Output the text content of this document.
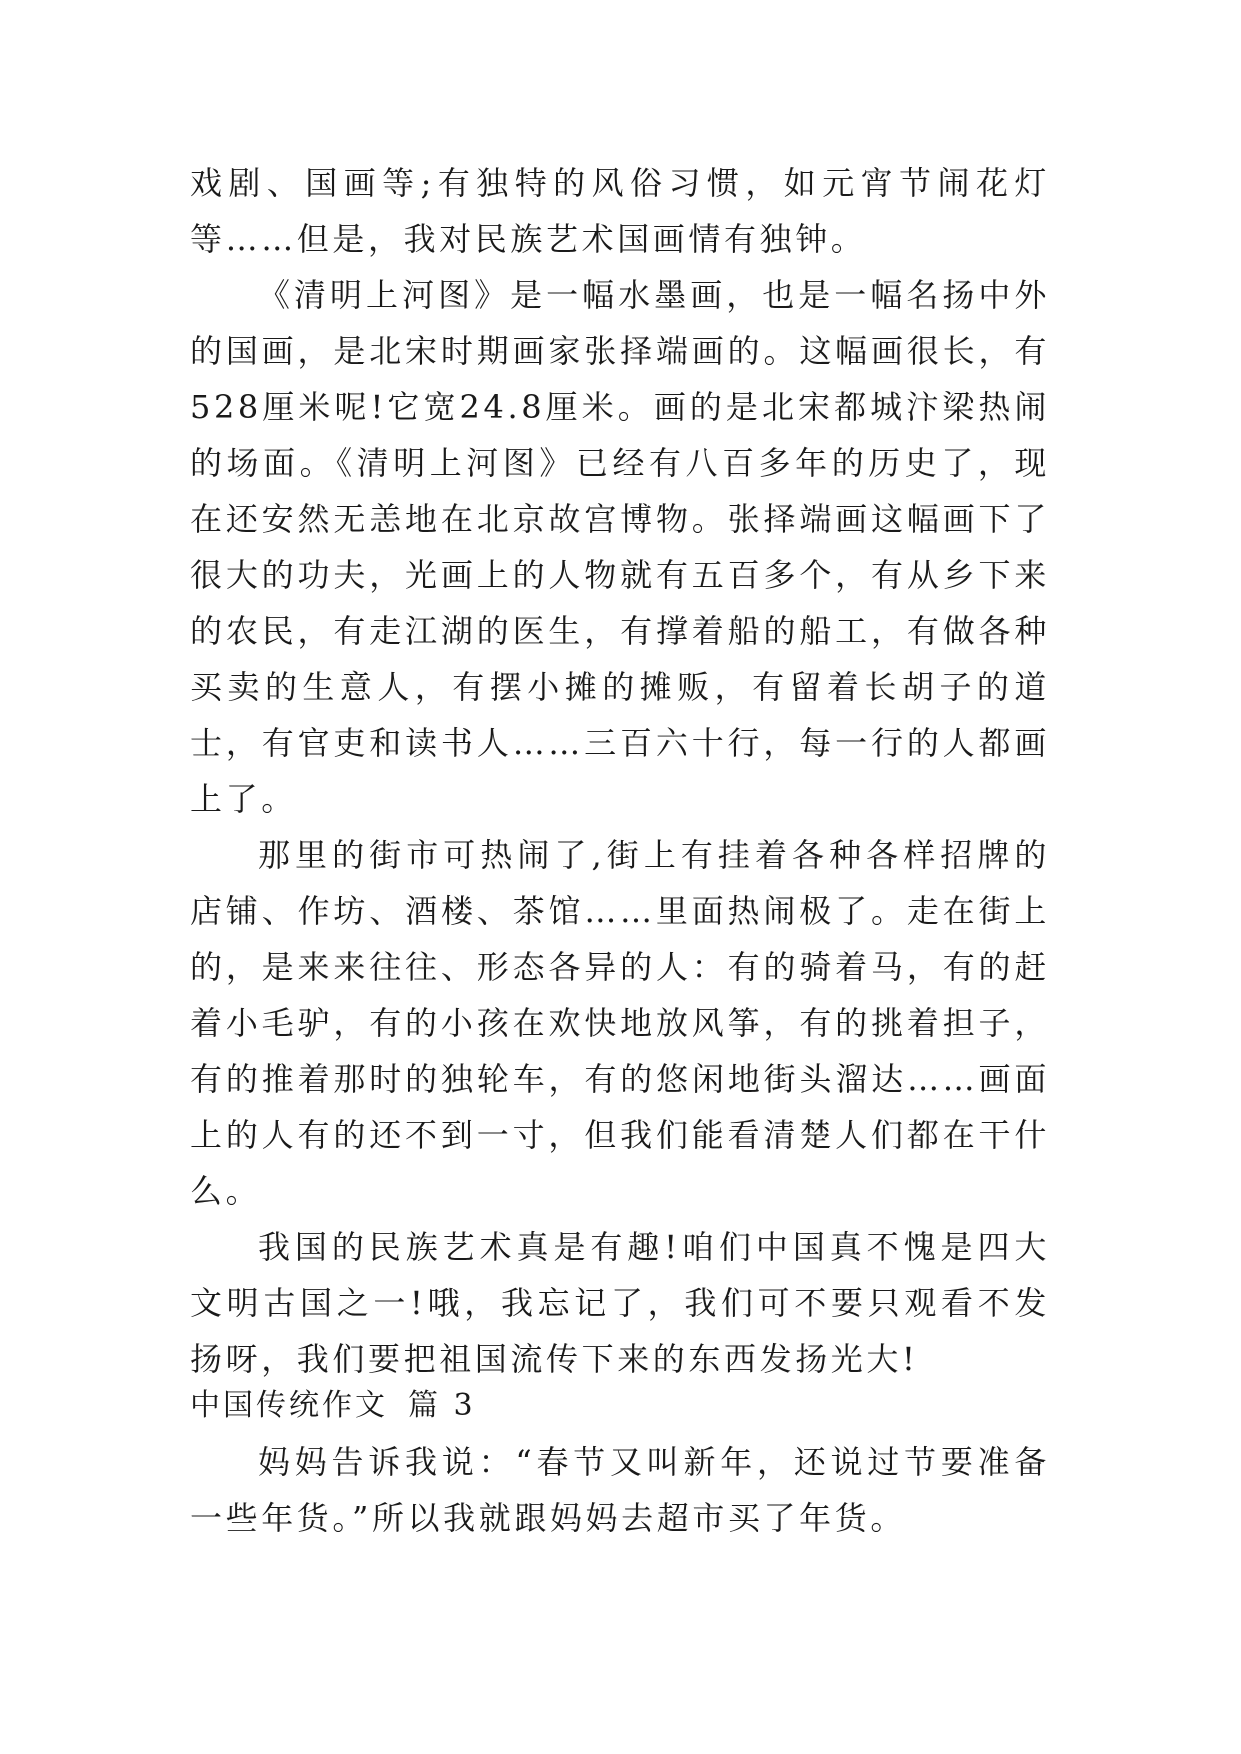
戏剧、国画等;有独特的风俗习惯，如元宵节闹花灯等……但是，我对民族艺术国画情有独钟。

《清明上河图》是一幅水墨画，也是一幅名扬中外的国画，是北宋时期画家张择端画的。这幅画很长，有528厘米呢!它宽24.8厘米。画的是北宋都城汴梁热闹的场面。《清明上河图》已经有八百多年的历史了，现在还安然无恙地在北京故宫博物。张择端画这幅画下了很大的功夫，光画上的人物就有五百多个，有从乡下来的农民，有走江湖的医生，有撑着船的船工，有做各种买卖的生意人，有摆小摊的摊贩，有留着长胡子的道士，有官吏和读书人……三百六十行，每一行的人都画上了。

那里的街市可热闹了,街上有挂着各种各样招牌的店铺、作坊、酒楼、茶馆……里面热闹极了。走在街上的，是来来往往、形态各异的人：有的骑着马，有的赶着小毛驴，有的小孩在欢快地放风筝，有的挑着担子，有的推着那时的独轮车，有的悠闲地街头溜达……画面上的人有的还不到一寸，但我们能看清楚人们都在干什么。

我国的民族艺术真是有趣!咱们中国真不愧是四大文明古国之一!哦，我忘记了，我们可不要只观看不发扬呀，我们要把祖国流传下来的东西发扬光大!

中国传统作文 篇 3

妈妈告诉我说：“春节又叫新年，还说过节要准备一些年货。”所以我就跟妈妈去超市买了年货。
